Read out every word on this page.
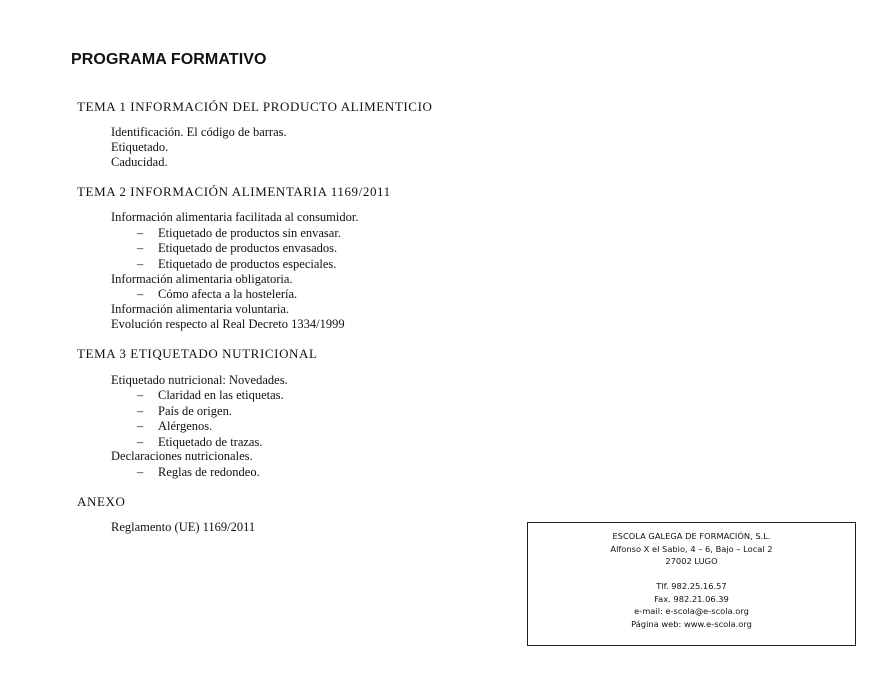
PROGRAMA FORMATIVO
TEMA 1 INFORMACIÓN DEL PRODUCTO ALIMENTICIO
Identificación. El código de barras.
Etiquetado.
Caducidad.
TEMA 2 INFORMACIÓN ALIMENTARIA 1169/2011
Información alimentaria facilitada al consumidor.
– Etiquetado de productos sin envasar.
– Etiquetado de productos envasados.
– Etiquetado de productos especiales.
Información alimentaria obligatoria.
– Cómo afecta a la hostelería.
Información alimentaria voluntaria.
Evolución respecto al Real Decreto 1334/1999
TEMA 3 ETIQUETADO NUTRICIONAL
Etiquetado nutricional: Novedades.
– Claridad en las etiquetas.
– País de origen.
– Alérgenos.
– Etiquetado de trazas.
Declaraciones nutricionales.
– Reglas de redondeo.
ANEXO
Reglamento (UE) 1169/2011
ESCOLA GALEGA DE FORMACIÓN, S.L.
Alfonso X el Sabio, 4 – 6, Bajo – Local 2
27002 LUGO
Tlf. 982.25.16.57
Fax. 982.21.06.39
e-mail: e-scola@e-scola.org
Página web: www.e-scola.org
